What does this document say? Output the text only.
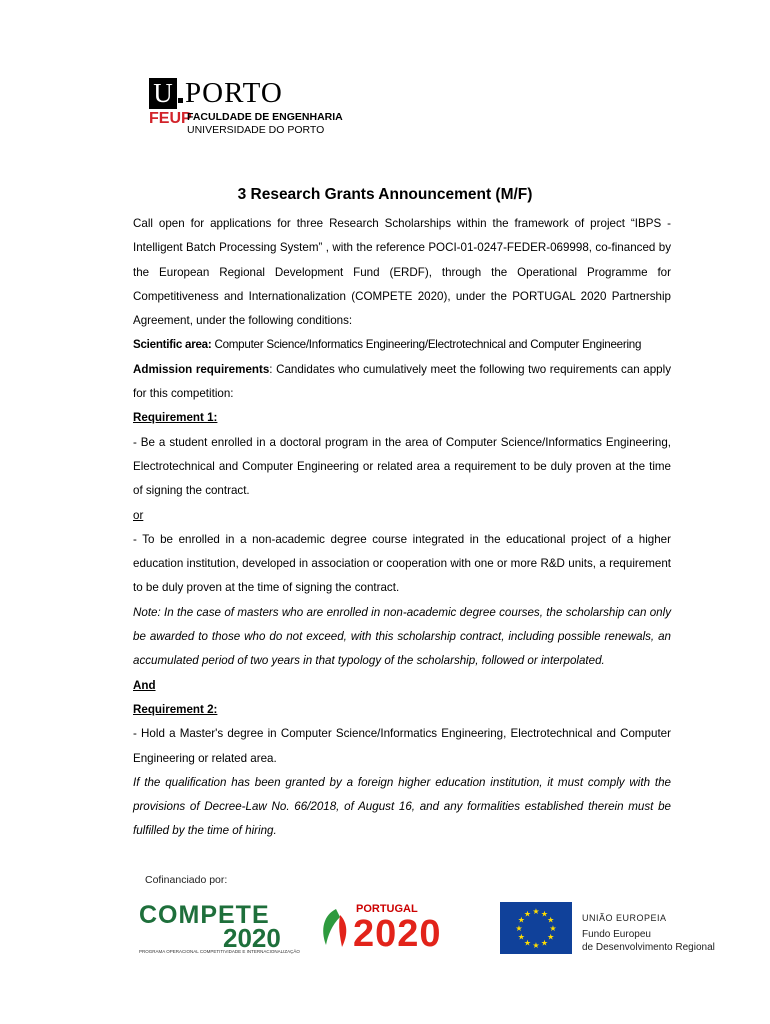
U PORTO
FEUP
FACULDADE DE ENGENHARIA
UNIVERSIDADE DO PORTO
3 Research Grants Announcement (M/F)

Call open for applications for three Research Scholarships within the framework of project “IBPS - Intelligent Batch Processing System” , with the reference POCI-01-0247-FEDER-069998, co-financed by the European Regional Development Fund (ERDF), through the Operational Programme for Competitiveness and Internationalization (COMPETE 2020), under the PORTUGAL 2020 Partnership Agreement, under the following conditions:

Scientific area: Computer Science/Informatics Engineering/Electrotechnical and Computer Engineering

Admission requirements: Candidates who cumulatively meet the following two requirements can apply for this competition:

Requirement 1:

- Be a student enrolled in a doctoral program in the area of Computer Science/Informatics Engineering, Electrotechnical and Computer Engineering or related area a requirement to be duly proven at the time of signing the contract.

or

- To be enrolled in a non-academic degree course integrated in the educational project of a higher education institution, developed in association or cooperation with one or more R&D units, a requirement to be duly proven at the time of signing the contract.

Note: In the case of masters who are enrolled in non-academic degree courses, the scholarship can only be awarded to those who do not exceed, with this scholarship contract, including possible renewals, an accumulated period of two years in that typology of the scholarship, followed or interpolated.

And

Requirement 2:

- Hold a Master's degree in Computer Science/Informatics Engineering, Electrotechnical and Computer Engineering or related area.

If the qualification has been granted by a foreign higher education institution, it must comply with the provisions of Decree-Law No. 66/2018, of August 16, and any formalities established therein must be fulfilled by the time of hiring.

Cofinanciado por:
COMPETE
2020
PROGRAMA OPERACIONAL COMPETITIVIDADE E INTERNACIONALIZAÇÃO
PORTUGAL
2020
★ ★
★
★
★
★
★
★
★
★
★
★	UNIÃO EUROPEIA
Fundo Europeu
de Desenvolvimento Regional
